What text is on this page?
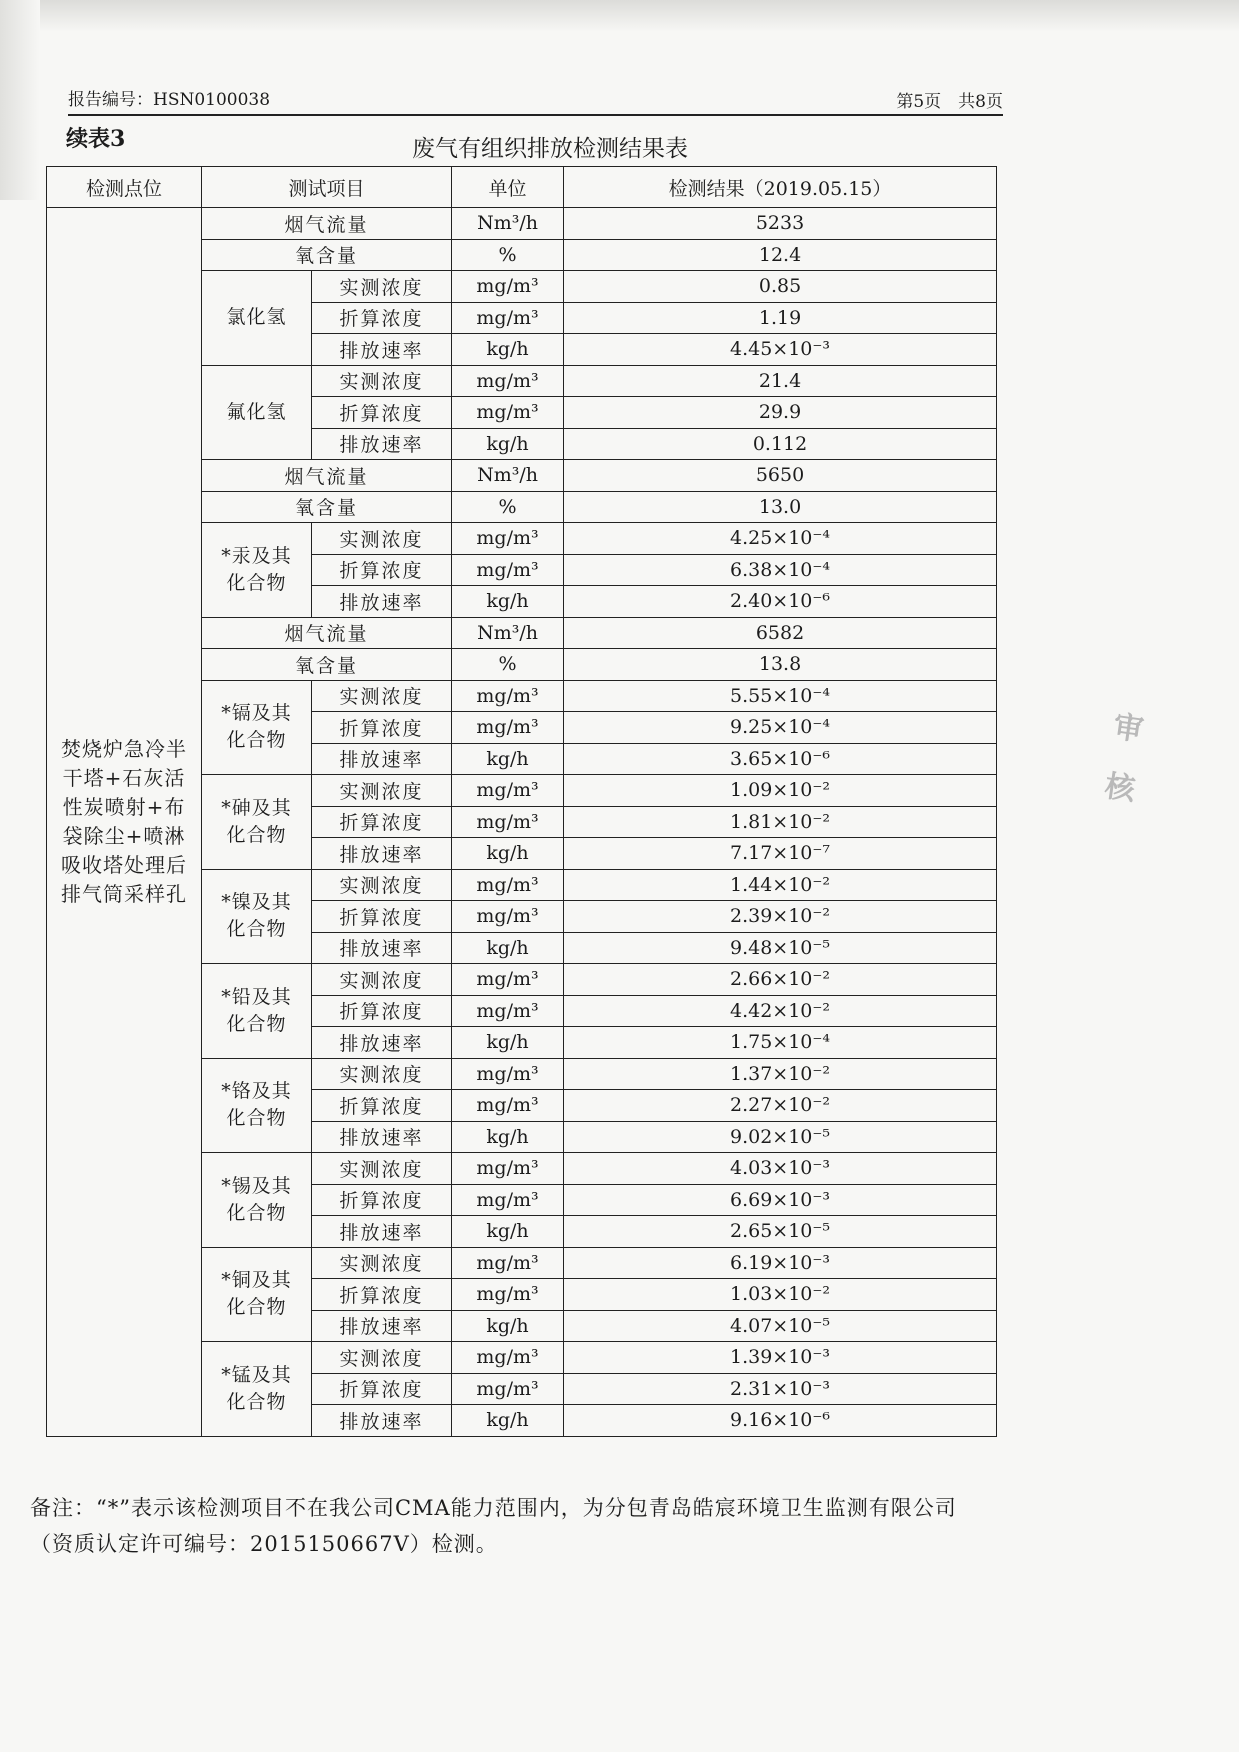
报告编号：HSN0100038	第5页　共8页
续表3	废气有组织排放检测结果表
检测点位	测试项目		单位	检测结果（2019.05.15）
焚烧炉急冷半干塔+石灰活性炭喷射+布袋除尘+喷淋吸收塔处理后排气筒采样孔	烟气流量		Nm³/h	5233
	氧含量		%	12.4
	氯化氢	实测浓度	mg/m³	0.85
		折算浓度	mg/m³	1.19
		排放速率	kg/h	4.45×10⁻³
	氟化氢	实测浓度	mg/m³	21.4
		折算浓度	mg/m³	29.9
		排放速率	kg/h	0.112
	烟气流量		Nm³/h	5650
	氧含量		%	13.0
	*汞及其化合物	实测浓度	mg/m³	4.25×10⁻⁴
		折算浓度	mg/m³	6.38×10⁻⁴
		排放速率	kg/h	2.40×10⁻⁶
	烟气流量		Nm³/h	6582
	氧含量		%	13.8
	*镉及其化合物	实测浓度	mg/m³	5.55×10⁻⁴
		折算浓度	mg/m³	9.25×10⁻⁴
		排放速率	kg/h	3.65×10⁻⁶
	*砷及其化合物	实测浓度	mg/m³	1.09×10⁻²
		折算浓度	mg/m³	1.81×10⁻²
		排放速率	kg/h	7.17×10⁻⁷
	*镍及其化合物	实测浓度	mg/m³	1.44×10⁻²
		折算浓度	mg/m³	2.39×10⁻²
		排放速率	kg/h	9.48×10⁻⁵
	*铅及其化合物	实测浓度	mg/m³	2.66×10⁻²
		折算浓度	mg/m³	4.42×10⁻²
		排放速率	kg/h	1.75×10⁻⁴
	*铬及其化合物	实测浓度	mg/m³	1.37×10⁻²
		折算浓度	mg/m³	2.27×10⁻²
		排放速率	kg/h	9.02×10⁻⁵
	*锡及其化合物	实测浓度	mg/m³	4.03×10⁻³
		折算浓度	mg/m³	6.69×10⁻³
		排放速率	kg/h	2.65×10⁻⁵
	*铜及其化合物	实测浓度	mg/m³	6.19×10⁻³
		折算浓度	mg/m³	1.03×10⁻²
		排放速率	kg/h	4.07×10⁻⁵
	*锰及其化合物	实测浓度	mg/m³	1.39×10⁻³
		折算浓度	mg/m³	2.31×10⁻³
		排放速率	kg/h	9.16×10⁻⁶
备注：“*”表示该检测项目不在我公司CMA能力范围内，为分包青岛皓宸环境卫生监测有限公司（资质认定许可编号：2015150667V）检测。
审核
